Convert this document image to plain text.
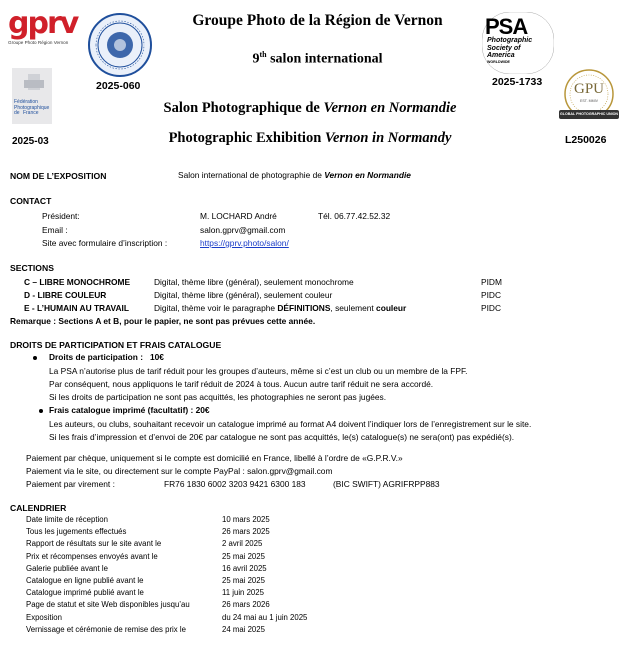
gprv
Groupe Photo Région Vernon
2025-060
Groupe Photo de la Région de Vernon
9th salon international
PSA
Photographic
Society of
America
WORLDWIDE
2025-1733
Fédération
Photographique
de France
2025-03
Salon Photographique de Vernon en Normandie
Photographic Exhibition Vernon in Normandy
GPU
EST. MMIV
GLOBAL PHOTOGRAPHIC UNION
L250026
NOM DE L’EXPOSITION	Salon international de photographie de Vernon en Normandie
CONTACT
Président:	M. LOCHARD André	Tél. 06.77.42.52.32
Email :	salon.gprv@gmail.com
Site avec formulaire d’inscription :	https://gprv.photo/salon/
SECTIONS
C – LIBRE MONOCHROME	Digital, thème libre (général), seulement monochrome	PIDM
D - LIBRE COULEUR	Digital, thème libre (général), seulement couleur	PIDC
E - L’HUMAIN AU TRAVAIL	Digital, thème voir le paragraphe DÉFINITIONS, seulement couleur	PIDC
Remarque : Sections A et B, pour le papier, ne sont pas prévues cette année.
DROITS DE PARTICIPATION ET FRAIS CATALOGUE
Droits de participation : 10€
La PSA n’autorise plus de tarif réduit pour les groupes d’auteurs, même si c’est un club ou un membre de la FPF.
Par conséquent, nous appliquons le tarif réduit de 2024 à tous. Aucun autre tarif réduit ne sera accordé.
Si les droits de participation ne sont pas acquittés, les photographies ne seront pas jugées.
Frais catalogue imprimé (facultatif) : 20€
Les auteurs, ou clubs, souhaitant recevoir un catalogue imprimé au format A4 doivent l’indiquer lors de l’enregistrement sur le site.
Si les frais d’impression et d’envoi de 20€ par catalogue ne sont pas acquittés, le(s) catalogue(s) ne sera(ont) pas expédié(s).
Paiement par chèque, uniquement si le compte est domicilié en France, libellé à l’ordre de «G.P.R.V.»
Paiement via le site, ou directement sur le compte PayPal : salon.gprv@gmail.com
Paiement par virement :	FR76 1830 6002 3203 9421 6300 183	(BIC SWIFT) AGRIFRPP883
CALENDRIER
Date limite de réception	10 mars 2025
Tous les jugements effectués	26 mars 2025
Rapport de résultats sur le site avant le	2 avril 2025
Prix et récompenses envoyés avant le	25 mai 2025
Galerie publiée avant le	16 avril 2025
Catalogue en ligne publié avant le	25 mai 2025
Catalogue imprimé publié avant le	11 juin 2025
Page de statut et site Web disponibles jusqu’au	26 mars 2026
Exposition	du 24 mai au 1 juin 2025
Vernissage et cérémonie de remise des prix le	24 mai 2025
